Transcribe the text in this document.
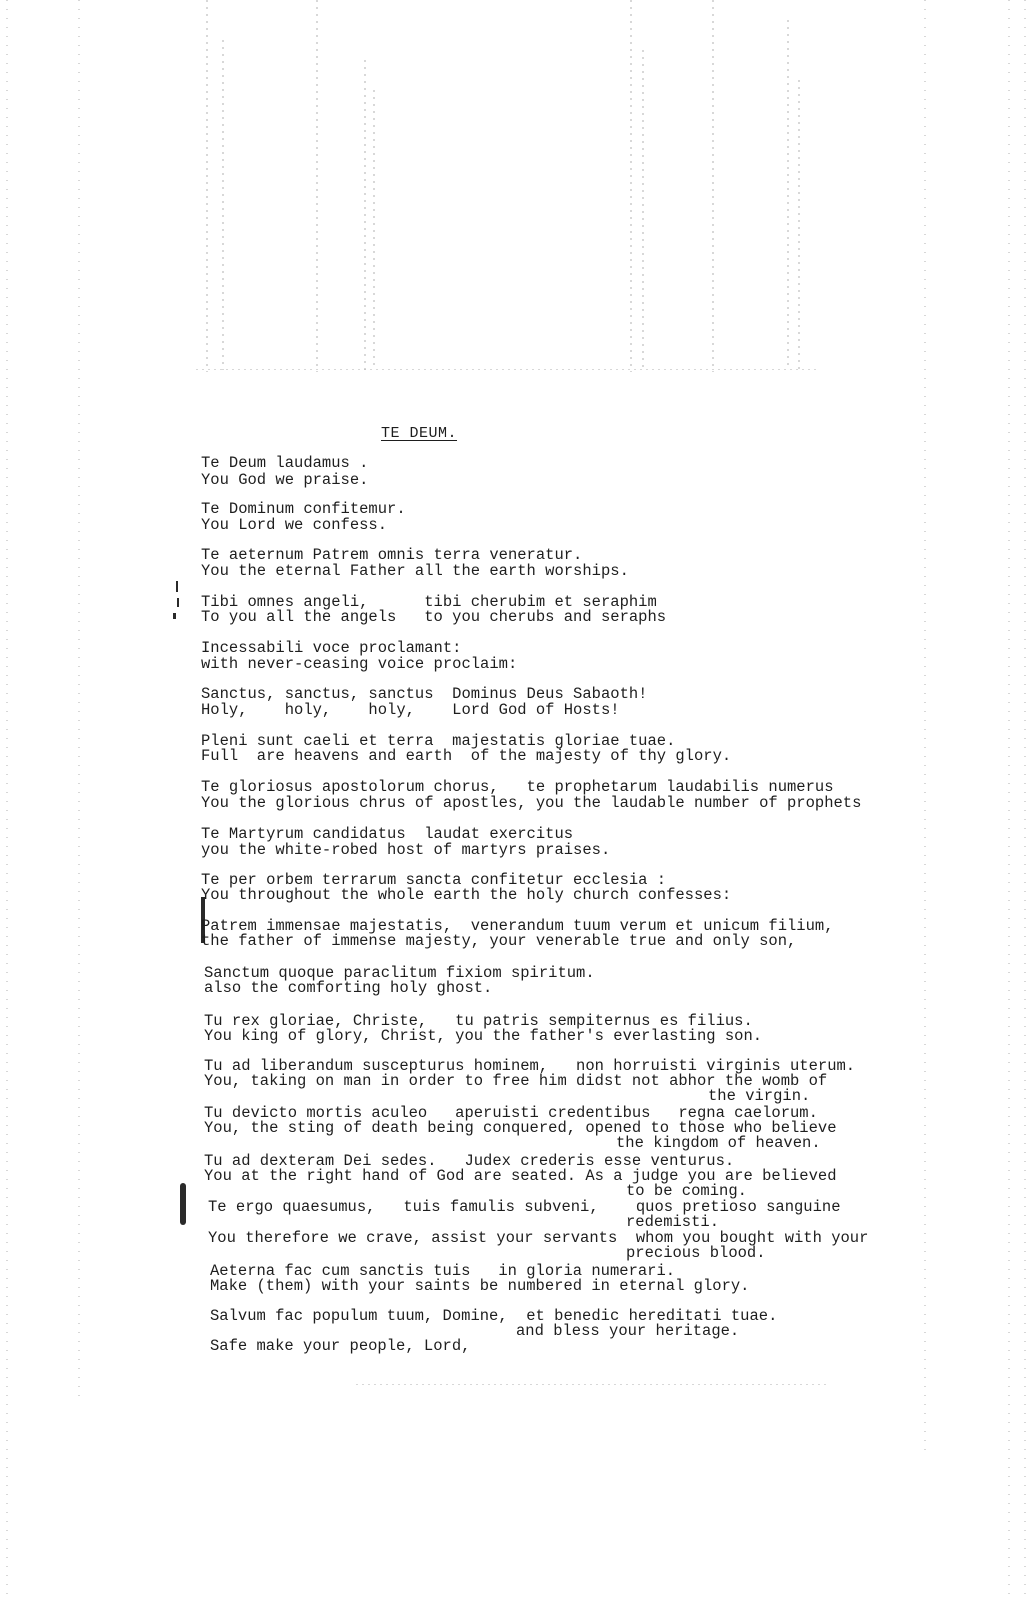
TE DEUM.
Te Deum laudamus .
You God we praise.
Te Dominum confitemur.
You Lord we confess.
Te aeternum Patrem omnis terra veneratur.
You the eternal Father all the earth worships.
Tibi omnes angeli,      tibi cherubim et seraphim
To you all the angels   to you cherubs and seraphs
Incessabili voce proclamant:
with never-ceasing voice proclaim:
Sanctus, sanctus, sanctus  Dominus Deus Sabaoth!
Holy,    holy,    holy,    Lord God of Hosts!
Pleni sunt caeli et terra  majestatis gloriae tuae.
Full  are heavens and earth  of the majesty of thy glory.
Te gloriosus apostolorum chorus,   te prophetarum laudabilis numerus
You the glorious chrus of apostles, you the laudable number of prophets
Te Martyrum candidatus  laudat exercitus
you the white-robed host of martyrs praises.
Te per orbem terrarum sancta confitetur ecclesia :
You throughout the whole earth the holy church confesses:
Patrem immensae majestatis,  venerandum tuum verum et unicum filium,
the father of immense majesty, your venerable true and only son,
Sanctum quoque paraclitum fixiom spiritum.
also the comforting holy ghost.
Tu rex gloriae, Christe,   tu patris sempiternus es filius.
You king of glory, Christ, you the father's everlasting son.
Tu ad liberandum suscepturus hominem,   non horruisti virginis uterum.
You, taking on man in order to free him didst not abhor the womb of
the virgin.
Tu devicto mortis aculeo   aperuisti credentibus   regna caelorum.
You, the sting of death being conquered, opened to those who believe
the kingdom of heaven.
Tu ad dexteram Dei sedes.   Judex crederis esse venturus.
You at the right hand of God are seated. As a judge you are believed
to be coming.
Te ergo quaesumus,   tuis famulis subveni,    quos pretioso sanguine
redemisti.
You therefore we crave, assist your servants  whom you bought with your
precious blood.
Aeterna fac cum sanctis tuis   in gloria numerari.
Make (them) with your saints be numbered in eternal glory.
Salvum fac populum tuum, Domine,  et benedic hereditati tuae.
and bless your heritage.
Safe make your people, Lord,
